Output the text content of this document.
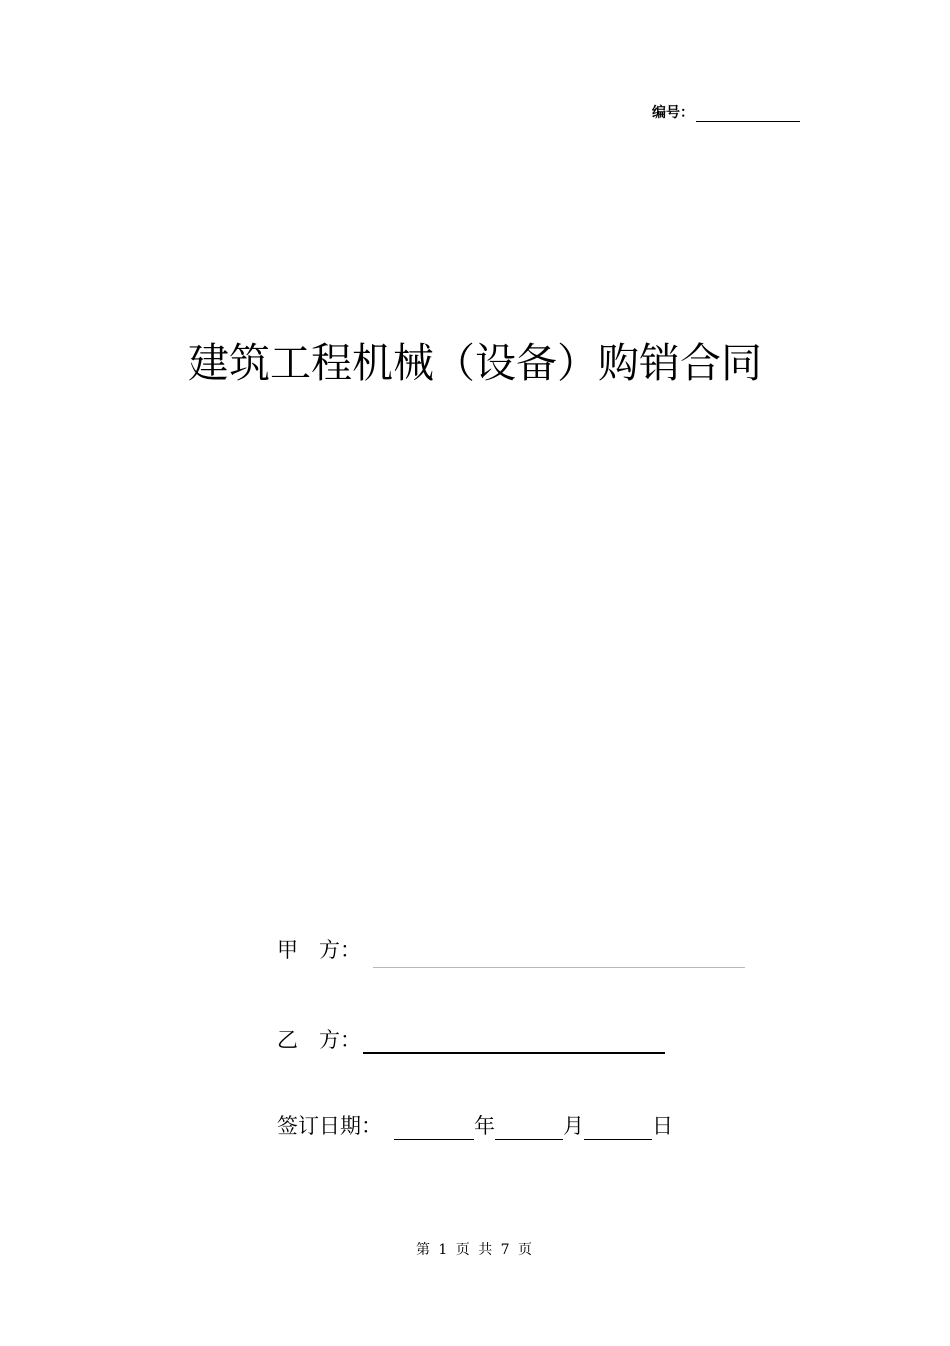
编号：
建筑工程机械（设备）购销合同
甲　方：
乙　方：
签订日期：	年	月	日
第 1 页 共 7 页
